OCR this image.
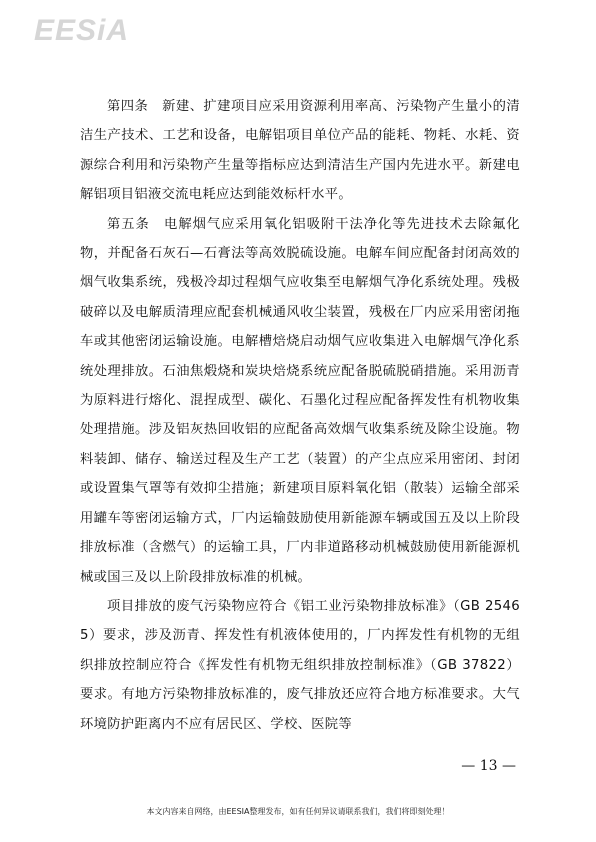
EESiA

第四条　新建、扩建项目应采用资源利用率高、污染物产生量小的清洁生产技术、工艺和设备，电解铝项目单位产品的能耗、物耗、水耗、资源综合利用和污染物产生量等指标应达到清洁生产国内先进水平。新建电解铝项目铝液交流电耗应达到能效标杆水平。

第五条　电解烟气应采用氧化铝吸附干法净化等先进技术去除氟化物，并配备石灰石—石膏法等高效脱硫设施。电解车间应配备封闭高效的烟气收集系统，残极冷却过程烟气应收集至电解烟气净化系统处理。残极破碎以及电解质清理应配套机械通风收尘装置，残极在厂内应采用密闭拖车或其他密闭运输设施。电解槽焙烧启动烟气应收集进入电解烟气净化系统处理排放。石油焦煅烧和炭块焙烧系统应配备脱硫脱硝措施。采用沥青为原料进行熔化、混捏成型、碳化、石墨化过程应配备挥发性有机物收集处理措施。涉及铝灰热回收铝的应配备高效烟气收集系统及除尘设施。物料装卸、储存、输送过程及生产工艺（装置）的产尘点应采用密闭、封闭或设置集气罩等有效抑尘措施；新建项目原料氧化铝（散装）运输全部采用罐车等密闭运输方式，厂内运输鼓励使用新能源车辆或国五及以上阶段排放标准（含燃气）的运输工具，厂内非道路移动机械鼓励使用新能源机械或国三及以上阶段排放标准的机械。

项目排放的废气污染物应符合《铝工业污染物排放标准》（GB 25465）要求，涉及沥青、挥发性有机液体使用的，厂内挥发性有机物的无组织排放控制应符合《挥发性有机物无组织排放控制标准》（GB 37822）要求。有地方污染物排放标准的，废气排放还应符合地方标准要求。大气环境防护距离内不应有居民区、学校、医院等

— 13 —
本文内容来自网络，由EESIA整理发布，如有任何异议请联系我们，我们将即刻处理！
